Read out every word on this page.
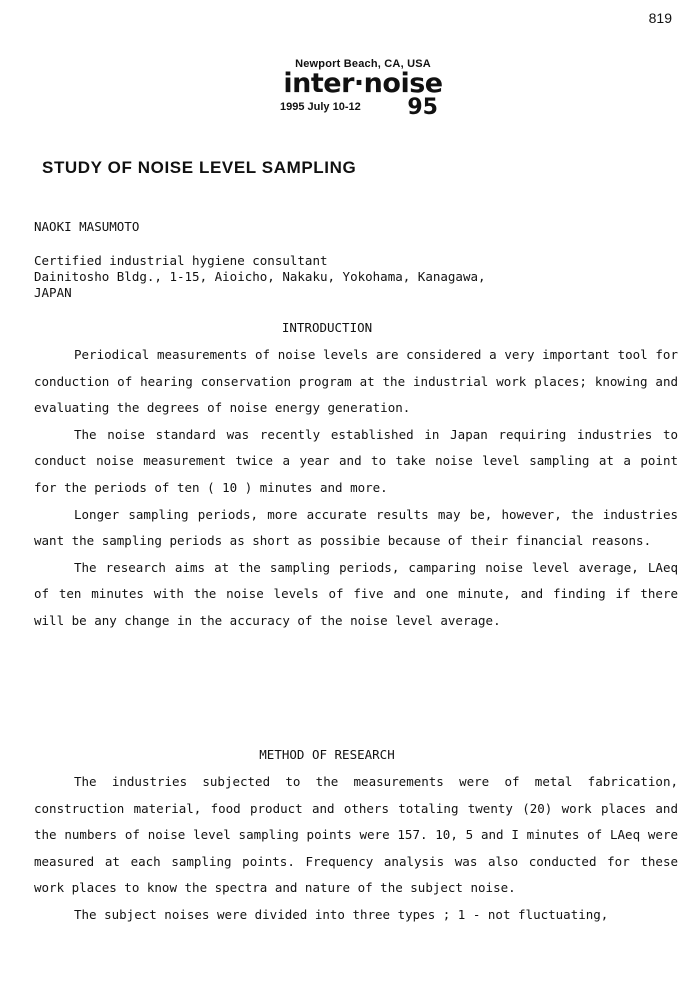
819
Newport Beach, CA, USA
inter·noise
1995 July 10-12 95
STUDY OF NOISE LEVEL SAMPLING
NAOKI MASUMOTO
Certified industrial hygiene consultant
Dainitosho Bldg., 1-15, Aioicho, Nakaku, Yokohama, Kanagawa,
JAPAN
INTRODUCTION

Periodical measurements of noise levels are considered a very important tool for conduction of hearing conservation program at the industrial work places; knowing and evaluating the degrees of noise energy generation.

The noise standard was recently established in Japan requiring industries to conduct noise measurement twice a year and to take noise level sampling at a point for the periods of ten ( 10 ) minutes and more.

Longer sampling periods, more accurate results may be, however, the industries want the sampling periods as short as possibie because of their financial reasons.

The research aims at the sampling periods, camparing noise level average, LAeq of ten minutes with the noise levels of five and one minute, and finding if there will be any change in the accuracy of the noise level average.

METHOD OF RESEARCH

The industries subjected to the measurements were of metal fabrication, construction material, food product and others totaling twenty (20) work places and the numbers of noise level sampling points were 157. 10, 5 and I minutes of LAeq were measured at each sampling points. Frequency analysis was also conducted for these work places to know the spectra and nature of the subject noise.

The subject noises were divided into three types ; 1 - not fluctuating,
